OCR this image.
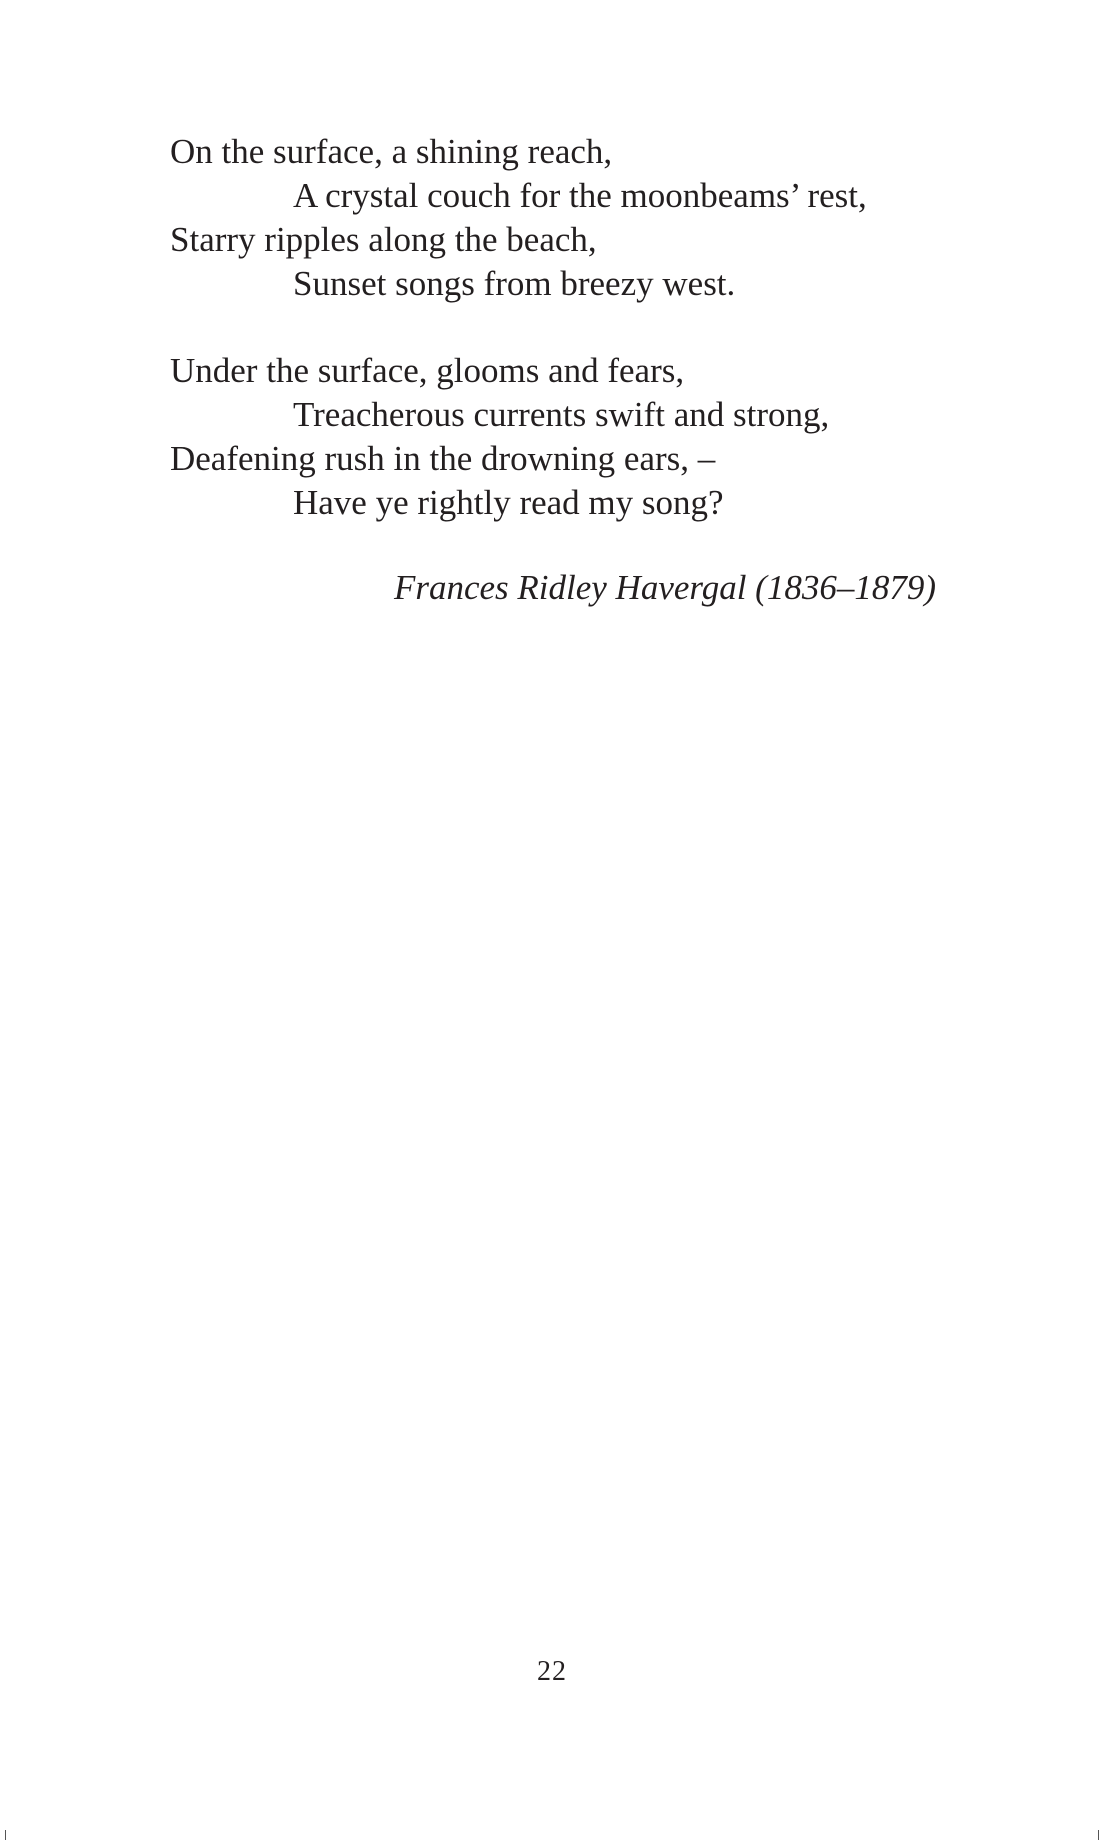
On the surface, a shining reach,
A crystal couch for the moonbeams’ rest,
Starry ripples along the beach,
Sunset songs from breezy west.
Under the surface, glooms and fears,
Treacherous currents swift and strong,
Deafening rush in the drowning ears, –
Have ye rightly read my song?
Frances Ridley Havergal (1836–1879)
22
